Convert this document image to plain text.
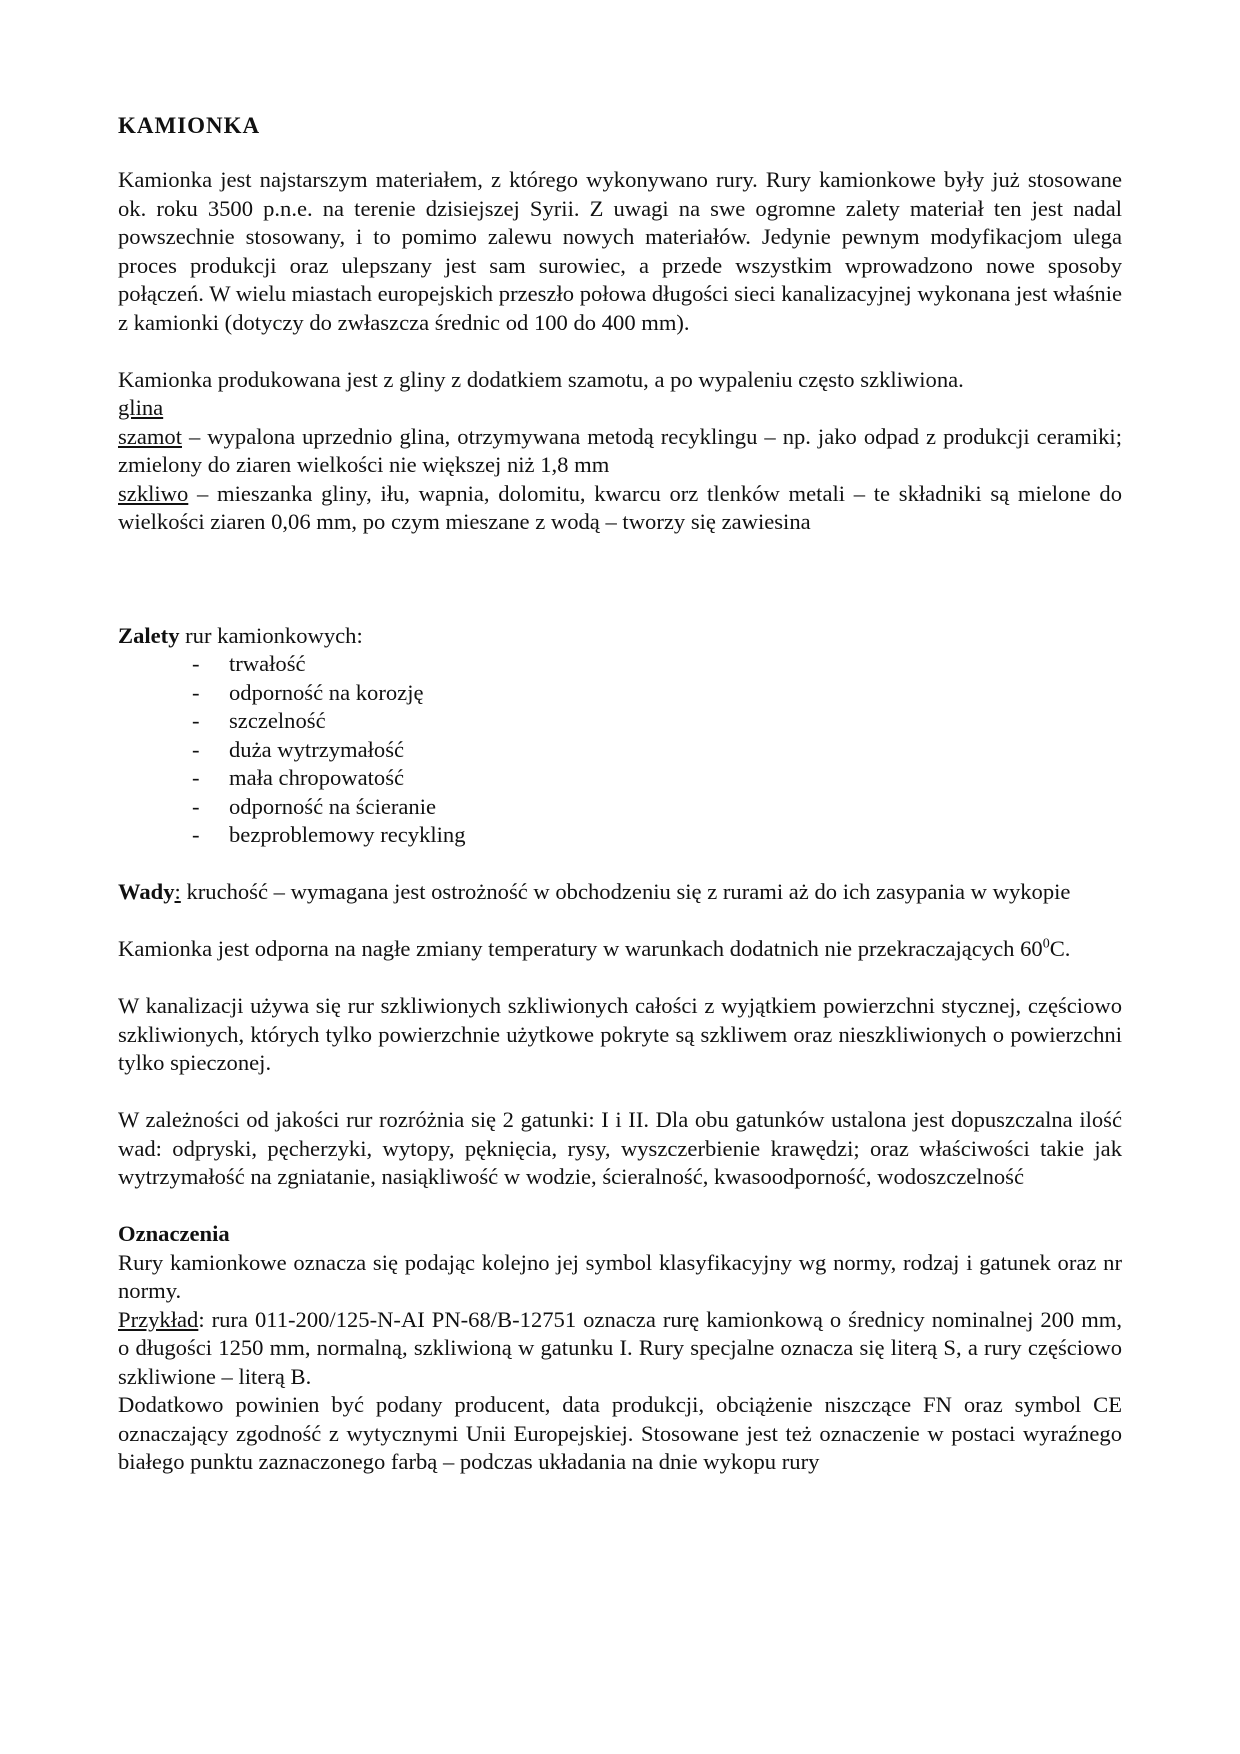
KAMIONKA

Kamionka jest najstarszym materiałem, z którego wykonywano rury. Rury kamionkowe były już stosowane ok. roku 3500 p.n.e. na terenie dzisiejszej Syrii. Z uwagi na swe ogromne zalety materiał ten jest nadal powszechnie stosowany, i to pomimo zalewu nowych materiałów. Jedynie pewnym modyfikacjom ulega proces produkcji oraz ulepszany jest sam surowiec, a przede wszystkim wprowadzono nowe sposoby połączeń. W wielu miastach europejskich przeszło połowa długości sieci kanalizacyjnej wykonana jest właśnie z kamionki (dotyczy do zwłaszcza średnic od 100 do 400 mm).

Kamionka produkowana jest z gliny z dodatkiem szamotu, a po wypaleniu często szkliwiona.

glina

szamot – wypalona uprzednio glina, otrzymywana metodą recyklingu – np. jako odpad z produkcji ceramiki; zmielony do ziaren wielkości nie większej niż 1,8 mm

szkliwo – mieszanka gliny, iłu, wapnia, dolomitu, kwarcu orz tlenków metali – te składniki są mielone do wielkości ziaren 0,06 mm, po czym mieszane z wodą – tworzy się zawiesina

Zalety rur kamionkowych:

- trwałość
- odporność na korozję
- szczelność
- duża wytrzymałość
- mała chropowatość
- odporność na ścieranie
- bezproblemowy recykling

Wady: kruchość – wymagana jest ostrożność w obchodzeniu się z rurami aż do ich zasypania w wykopie

Kamionka jest odporna na nagłe zmiany temperatury w warunkach dodatnich nie przekraczających $60^0C$.

W kanalizacji używa się rur szkliwionych szkliwionych całości z wyjątkiem powierzchni stycznej, częściowo szkliwionych, których tylko powierzchnie użytkowe pokryte są szkliwem oraz nieszkliwionych o powierzchni tylko spieczonej.

W zależności od jakości rur rozróżnia się 2 gatunki: I i II. Dla obu gatunków ustalona jest dopuszczalna ilość wad: odpryski, pęcherzyki, wytopy, pęknięcia, rysy, wyszczerbienie krawędzi; oraz właściwości takie jak wytrzymałość na zgniatanie, nasiąkliwość w wodzie, ścieralność, kwasoodporność, wodoszczelność

Oznaczenia

Rury kamionkowe oznacza się podając kolejno jej symbol klasyfikacyjny wg normy, rodzaj i gatunek oraz nr normy.

Przykład: rura 011-200/125-N-AI PN-68/B-12751 oznacza rurę kamionkową o średnicy nominalnej 200 mm, o długości 1250 mm, normalną, szkliwioną w gatunku I. Rury specjalne oznacza się literą S, a rury częściowo szkliwione – literą B.

Dodatkowo powinien być podany producent, data produkcji, obciążenie niszczące FN oraz symbol CE oznaczający zgodność z wytycznymi Unii Europejskiej. Stosowane jest też oznaczenie w postaci wyraźnego białego punktu zaznaczonego farbą – podczas układania na dnie wykopu rury
